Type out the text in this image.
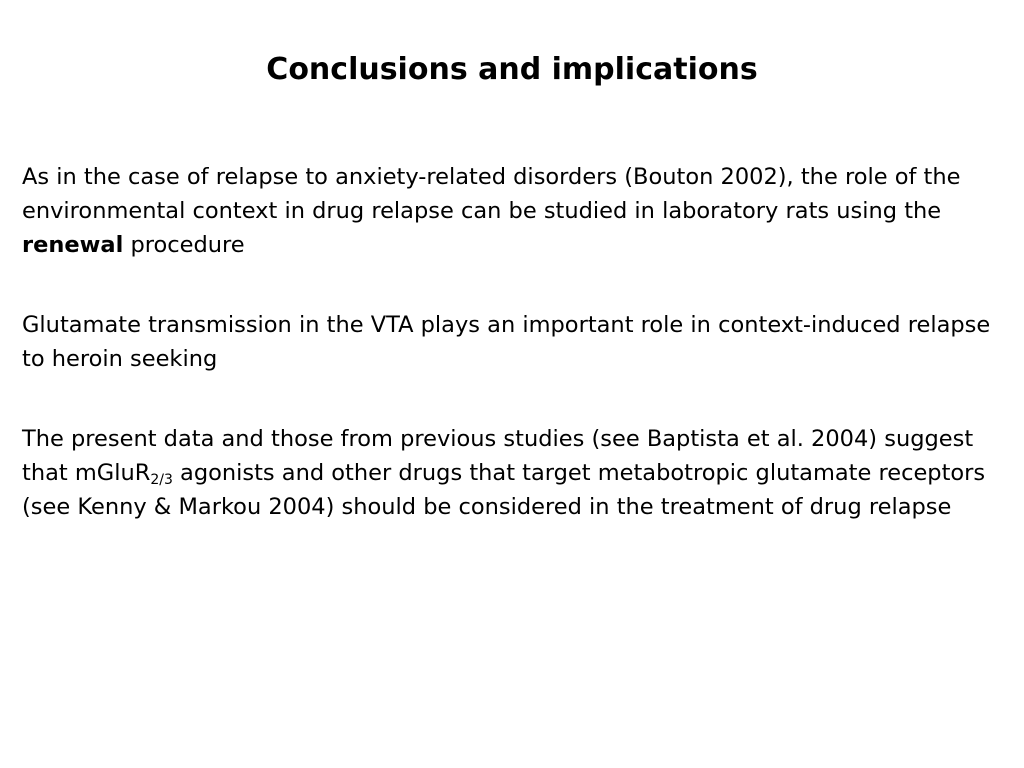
Conclusions and implications

As in the case of relapse to anxiety-related disorders (Bouton 2002), the role of the environmental context in drug relapse can be studied in laboratory rats using the renewal procedure

Glutamate transmission in the VTA plays an important role in context-induced relapse to heroin seeking

The present data and those from previous studies (see Baptista et al. 2004) suggest that mGluR$_{2/3}$ agonists and other drugs that target metabotropic glutamate receptors (see Kenny & Markou 2004) should be considered in the treatment of drug relapse
